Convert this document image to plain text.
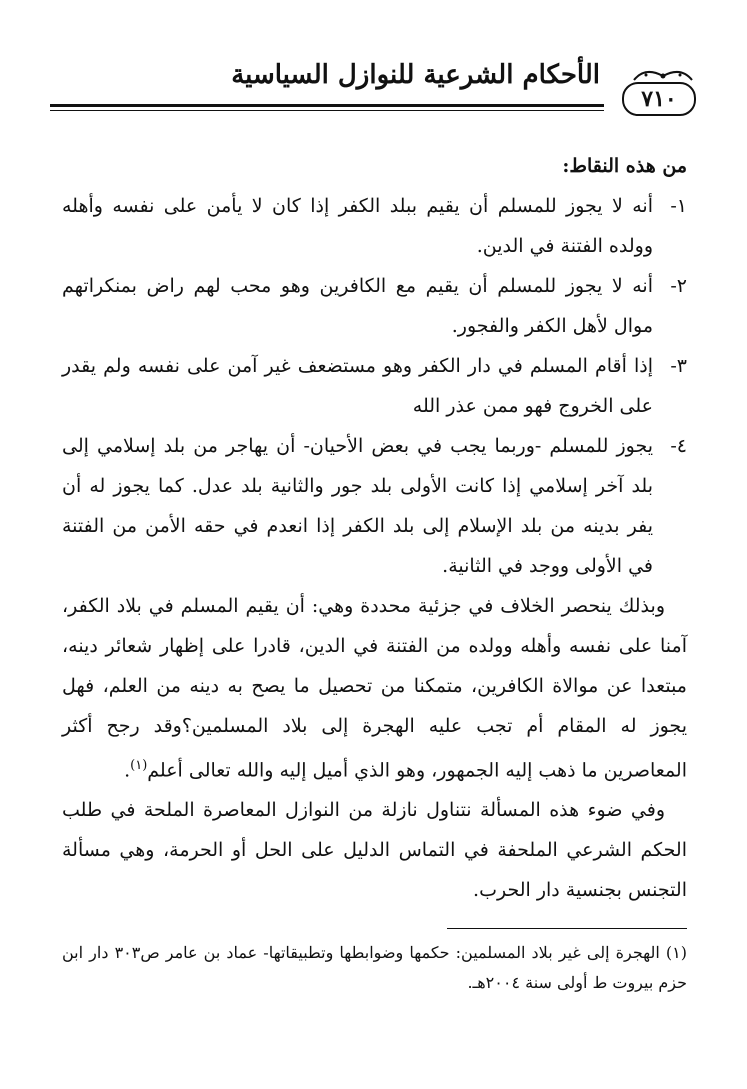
٧١٠
الأحكام الشرعية للنوازل السياسية

من هذه النقاط:

١-
أنه لا يجوز للمسلم أن يقيم ببلد الكفر إذا كان لا يأمن على نفسه وأهله وولده الفتنة في الدين.
٢-
أنه لا يجوز للمسلم أن يقيم مع الكافرين وهو محب لهم راض بمنكراتهم موال لأهل الكفر والفجور.
٣-
إذا أقام المسلم في دار الكفر وهو مستضعف غير آمن على نفسه ولم يقدر على الخروج فهو ممن عذر الله
٤-
يجوز للمسلم -وربما يجب في بعض الأحيان- أن يهاجر من بلد إسلامي إلى بلد آخر إسلامي إذا كانت الأولى بلد جور والثانية بلد عدل. كما يجوز له أن يفر بدينه من بلد الإسلام إلى بلد الكفر إذا انعدم في حقه الأمن من الفتنة في الأولى ووجد في الثانية.

وبذلك ينحصر الخلاف في جزئية محددة وهي: أن يقيم المسلم في بلاد الكفر، آمنا على نفسه وأهله وولده من الفتنة في الدين، قادرا على إظهار شعائر دينه، مبتعدا عن موالاة الكافرين، متمكنا من تحصيل ما يصح به دينه من العلم، فهل يجوز له المقام أم تجب عليه الهجرة إلى بلاد المسلمين؟وقد رجح أكثر المعاصرين ما ذهب إليه الجمهور، وهو الذي أميل إليه والله تعالى أعلم$^{(١)}$.

وفي ضوء هذه المسألة نتناول نازلة من النوازل المعاصرة الملحة في طلب الحكم الشرعي الملحفة في التماس الدليل على الحل أو الحرمة، وهي مسألة التجنس بجنسية دار الحرب.

(١) الهجرة إلى غير بلاد المسلمين: حكمها وضوابطها وتطبيقاتها- عماد بن عامر ص٣٠٣ دار ابن حزم بيروت ط أولى سنة ٢٠٠٤هـ.
